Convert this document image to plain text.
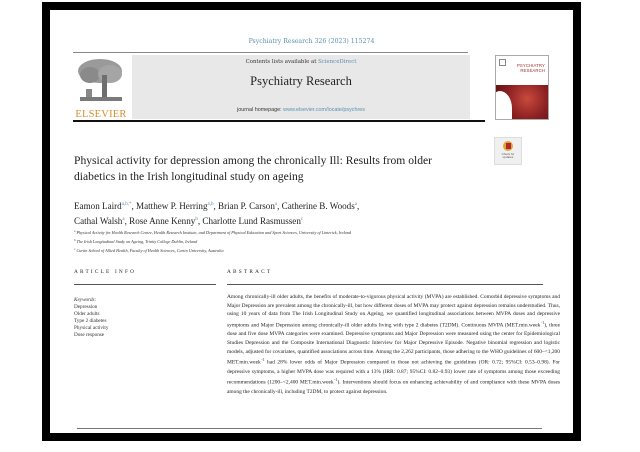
Psychiatry Research 326 (2023) 115274
ELSEVIER
Contents lists available at ScienceDirect
Psychiatry Research
journal homepage: www.elsevier.com/locate/psychres
PSYCHIATRY
RESEARCH
Check for
updates
Physical activity for depression among the chronically Ill: Results from older diabetics in the Irish longitudinal study on ageing
Eamon Laird$^{a,b,*}$, Matthew P. Herring$^{a,b}$, Brian P. Carson$^a$, Catherine B. Woods$^a$,
Cathal Walsh$^a$, Rose Anne Kenny$^b$, Charlotte Lund Rasmussen$^c$
$^a$ Physical Activity for Health Research Centre, Health Research Institute, and Department of Physical Education and Sport Sciences, University of Limerick, Ireland
$^b$ The Irish Longitudinal Study on Ageing, Trinity College Dublin, Ireland
$^c$ Curtin School of Allied Health, Faculty of Health Sciences, Curtin University, Australia
ARTICLE INFO
Keywords:
Depression
Older adults
Type 2 diabetes
Physical activity
Dose response
ABSTRACT
Among chronically-ill older adults, the benefits of moderate-to-vigorous physical activity (MVPA) are established. Comorbid depressive symptoms and Major Depression are prevalent among the chronically-ill, but how different doses of MVPA may protect against depression remains understudied. Thus, using 10 years of data from The Irish Longitudinal Study on Ageing, we quantified longitudinal associations between MVPA doses and depressive symptoms and Major Depression among chronically-ill older adults living with type 2 diabetes (T2DM). Continuous MVPA (MET.min.week$^{-1}$), three dose and five dose MVPA categories were examined. Depressive symptoms and Major Depression were measured using the center for Epidemiological Studies Depression and the Composite International Diagnostic Interview for Major Depressive Episode. Negative binomial regression and logistic models, adjusted for covariates, quantified associations across time. Among the 2,262 participants, those adhering to the WHO guidelines of 600–<1,200 MET.min.week$^{-1}$ had 28% lower odds of Major Depression compared to those not achieving the guidelines (OR: 0.72; 95%CI: 0.53–0.98). For depressive symptoms, a higher MVPA dose was required with a 13% (IRR: 0.87; 95%CI: 0.82–0.93) lower rate of symptoms among those exceeding recommendations (1200–<2,400 MET.min.week$^{-1}$). Interventions should focus on enhancing achievability of and compliance with these MVPA doses among the chronically-ill, including T2DM, to protect against depression.
